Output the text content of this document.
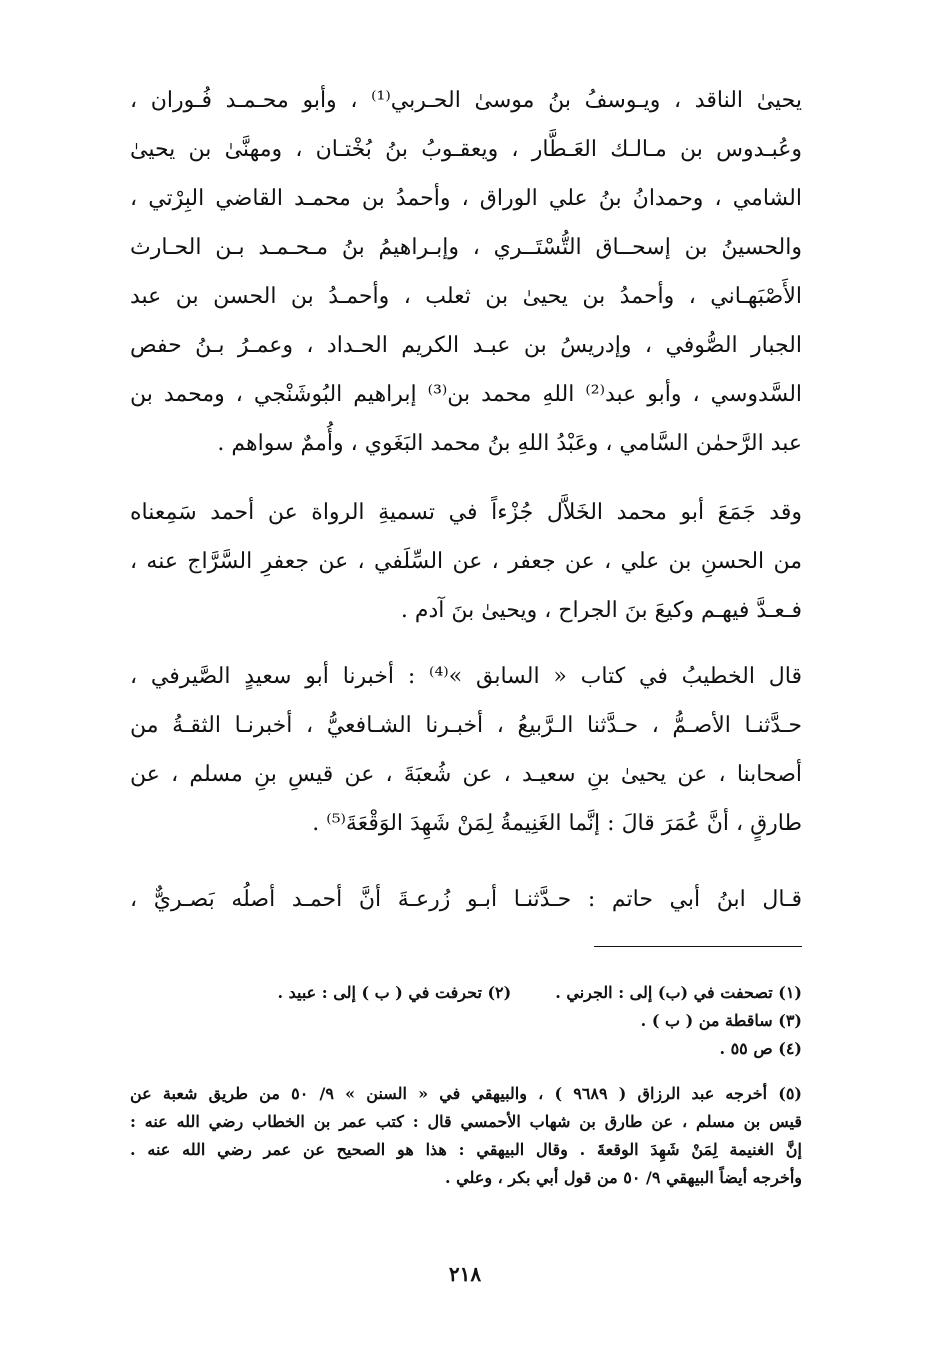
يحيىٰ الناقد ، ويـوسفُ بنُ موسىٰ الحـربي⁽¹⁾ ، وأبو محـمـد فُـوران ،
وعُبـدوس بن مـالـك العَـطَّار ، ويعقـوبُ بنُ بُخْتـان ، ومهنَّىٰ بن يحيىٰ
الشامي ، وحمدانُ بنُ علي الوراق ، وأحمدُ بن محمـد القاضي البِرْتي ،
والحسينُ بن إسحــاق التُّسْتَــري ، وإبـراهيمُ بنُ مـحـمـد بـن الحـارث
الأَصْبَهـاني ، وأحمدُ بن يحيىٰ بن ثعلب ، وأحمـدُ بن الحسن بن عبد
الجبار الصُّوفي ، وإدريسُ بن عبـد الكريم الحـداد ، وعمـرُ بـنُ حفص
السَّدوسي ، وأبو عبد⁽²⁾ اللهِ محمد بن⁽³⁾ إبراهيم البُوشَنْجي ، ومحمد بن
عبد الرَّحمٰن السَّامي ، وعَبْدُ اللهِ بنُ محمد البَغَوي ، وأُممٌ سواهم .
وقد جَمَعَ أبو محمد الخَلاَّل جُزْءاً في تسميةِ الرواة عن أحمد سَمِعناه
من الحسنِ بن علي ، عن جعفر ، عن السِّلَفي ، عن جعفرِ السَّرَّاج عنه ،
فـعـدَّ فيهـم وكيعَ بنَ الجراح ، ويحيىٰ بنَ آدم .
قال الخطيبُ في كتاب « السابق »⁽⁴⁾ : أخبرنا أبو سعيدٍ الصَّيرفي ،
حـدَّثنـا الأصـمُّ ، حـدَّثنا الـرَّبيعُ ، أخبـرنا الشـافعيُّ ، أخبرنـا الثقـةُ من
أصحابنا ، عن يحيىٰ بنِ سعيـد ، عن شُعبَةَ ، عن قيسِ بنِ مسلم ، عن
طارقٍ ، أنَّ عُمَرَ قالَ : إنَّما الغَنِيمةُ لِمَنْ شَهِدَ الوَقْعَةَ⁽⁵⁾ .
قـال ابنُ أبي حاتم : حـدَّثنـا أبـو زُرعـةَ أنَّ أحمـد أصلُه بَصـريٌّ ،
(١) تصحفت في (ب) إلى : الجرني .
(٢) تحرفت في ( ب ) إلى : عبيد .
(٣) ساقطة من ( ب ) .
(٤) ص ٥٥ .
(٥) أخرجه عبد الرزاق ( ٩٦٨٩ ) ، والبيهقي في « السنن » ٩/ ٥٠ من طريق شعبة عن
قيس بن مسلم ، عن طارق بن شهاب الأحمسي قال : كتب عمر بن الخطاب رضي الله عنه :
إنَّ الغنيمة لِمَنْ شَهِدَ الوقعةَ . وقال البيهقي : هذا هو الصحيح عن عمر رضي الله عنه .
وأخرجه أيضاً البيهقي ٩/ ٥٠ من قول أبي بكر ، وعلي .
٢١٨
